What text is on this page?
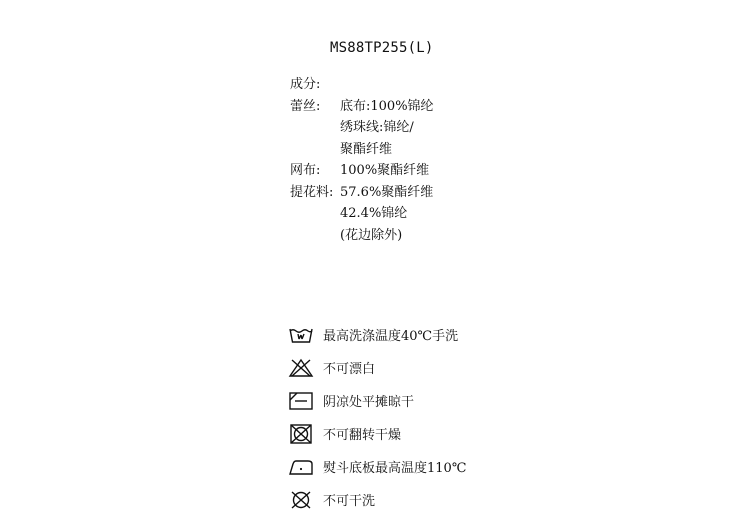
MS88TP255(L)
成分:
蕾丝: 底布:100%锦纶
绣珠线:锦纶/
聚酯纤维
网布: 100%聚酯纤维
提花料: 57.6%聚酯纤维
42.4%锦纶
(花边除外)
最高洗涤温度40℃手洗
不可漂白
阴凉处平摊晾干
不可翻转干燥
熨斗底板最高温度110℃
不可干洗
